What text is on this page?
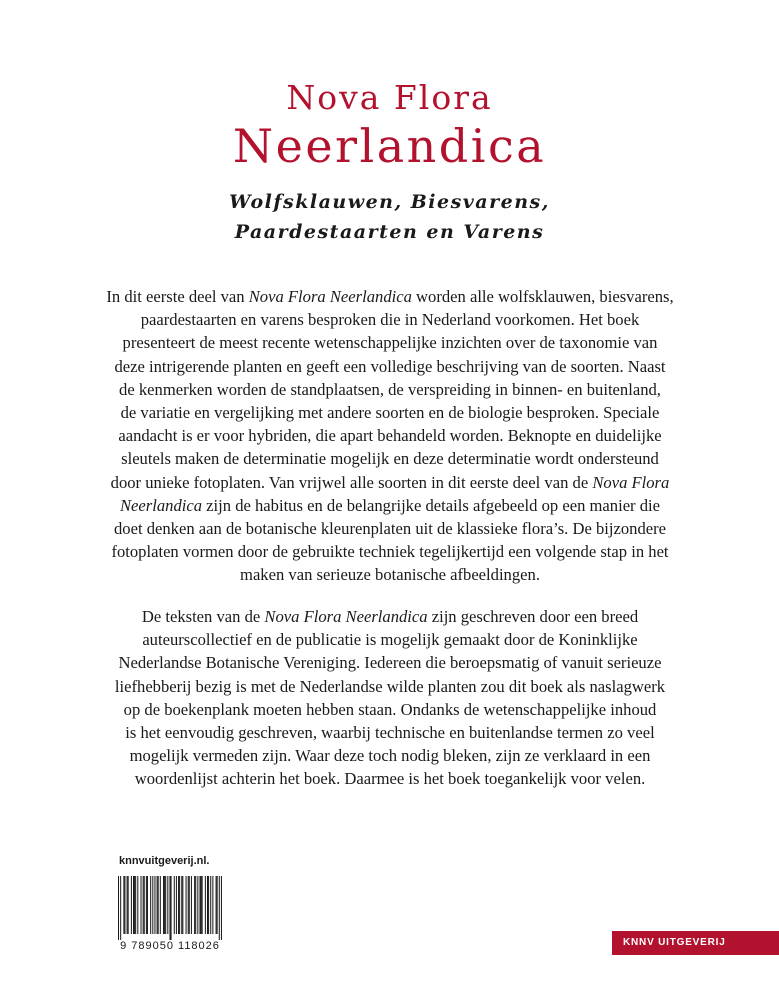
Nova Flora
Neerlandica
Wolfsklauwen, Biesvarens,
Paardestaarten en Varens
In dit eerste deel van Nova Flora Neerlandica worden alle wolfsklauwen, biesvarens,
paardestaarten en varens besproken die in Nederland voorkomen. Het boek
presenteert de meest recente wetenschappelijke inzichten over de taxonomie van
deze intrigerende planten en geeft een volledige beschrijving van de soorten. Naast
de kenmerken worden de standplaatsen, de verspreiding in binnen- en buitenland,
de variatie en vergelijking met andere soorten en de biologie besproken. Speciale
aandacht is er voor hybriden, die apart behandeld worden. Beknopte en duidelijke
sleutels maken de determinatie mogelijk en deze determinatie wordt ondersteund
door unieke fotoplaten. Van vrijwel alle soorten in dit eerste deel van de Nova Flora
Neerlandica zijn de habitus en de belangrijke details afgebeeld op een manier die
doet denken aan de botanische kleurenplaten uit de klassieke flora’s. De bijzondere
fotoplaten vormen door de gebruikte techniek tegelijkertijd een volgende stap in het
maken van serieuze botanische afbeeldingen.
De teksten van de Nova Flora Neerlandica zijn geschreven door een breed
auteurscollectief en de publicatie is mogelijk gemaakt door de Koninklijke
Nederlandse Botanische Vereniging. Iedereen die beroepsmatig of vanuit serieuze
liefhebberij bezig is met de Nederlandse wilde planten zou dit boek als naslagwerk
op de boekenplank moeten hebben staan. Ondanks de wetenschappelijke inhoud
is het eenvoudig geschreven, waarbij technische en buitenlandse termen zo veel
mogelijk vermeden zijn. Waar deze toch nodig bleken, zijn ze verklaard in een
woordenlijst achterin het boek. Daarmee is het boek toegankelijk voor velen.
knnvuitgeverij.nl.
9 789050 118026	KNNV UITGEVERIJ
